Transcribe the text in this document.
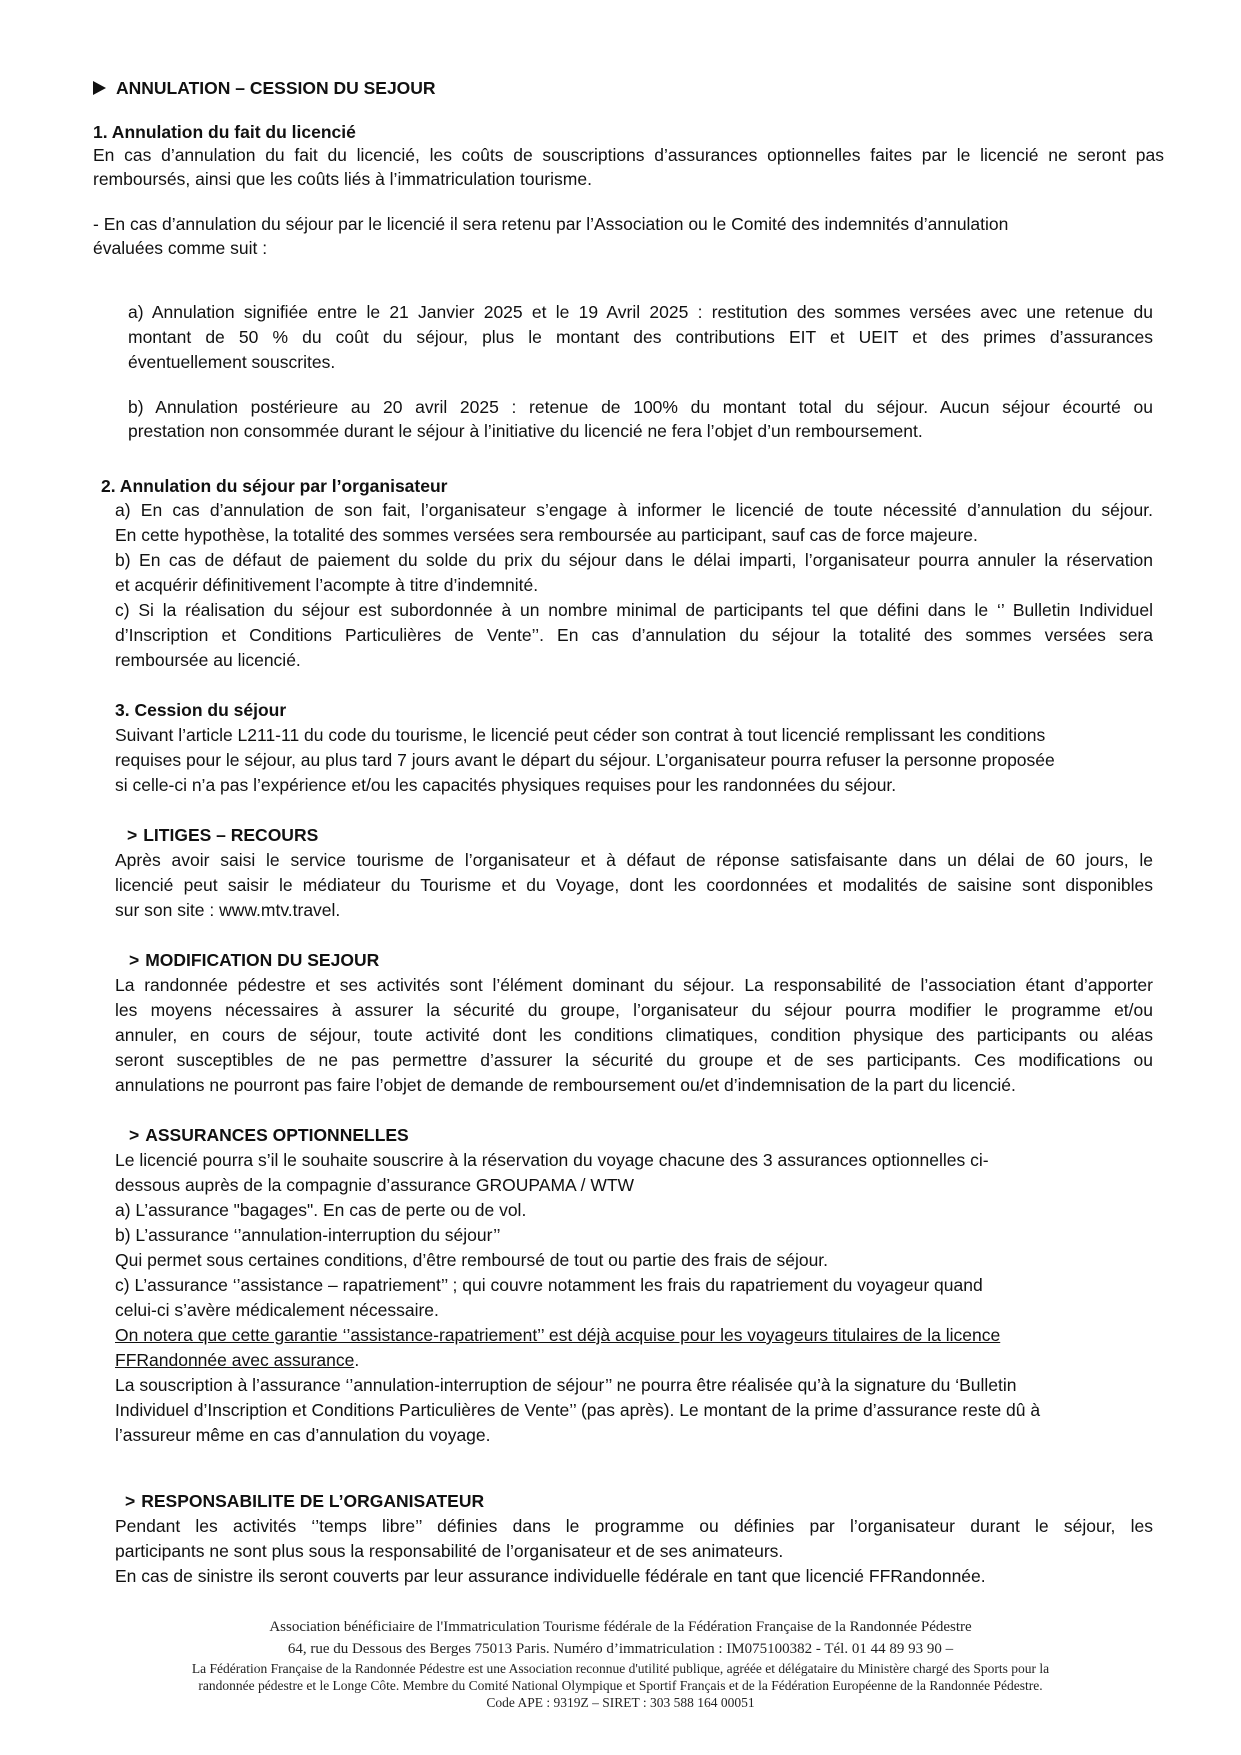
ANNULATION – CESSION DU SEJOUR
1. Annulation du fait du licencié
En cas d’annulation du fait du licencié, les coûts de souscriptions d’assurances optionnelles faites par le licencié ne seront pas
remboursés, ainsi que les coûts liés à l’immatriculation tourisme.
- En cas d’annulation du séjour par le licencié il sera retenu par l’Association ou le Comité des indemnités d’annulation
évaluées comme suit :
a) Annulation signifiée entre le 21 Janvier 2025 et le 19 Avril 2025 : restitution des sommes versées avec une retenue du
montant de 50 % du coût du séjour, plus le montant des contributions EIT et UEIT et des primes d’assurances
éventuellement souscrites.
b) Annulation postérieure au 20 avril 2025 : retenue de 100% du montant total du séjour. Aucun séjour écourté ou
prestation non consommée durant le séjour à l’initiative du licencié ne fera l’objet d’un remboursement.
2. Annulation du séjour par l’organisateur
a) En cas d’annulation de son fait, l’organisateur s’engage à informer le licencié de toute nécessité d’annulation du séjour.
En cette hypothèse, la totalité des sommes versées sera remboursée au participant, sauf cas de force majeure.
b) En cas de défaut de paiement du solde du prix du séjour dans le délai imparti, l’organisateur pourra annuler la réservation
et acquérir définitivement l’acompte à titre d’indemnité.
c) Si la réalisation du séjour est subordonnée à un nombre minimal de participants tel que défini dans le ‘’ Bulletin Individuel
d’Inscription et Conditions Particulières de Vente’’. En cas d’annulation du séjour la totalité des sommes versées sera
remboursée au licencié.
3. Cession du séjour
Suivant l’article L211-11 du code du tourisme, le licencié peut céder son contrat à tout licencié remplissant les conditions
requises pour le séjour, au plus tard 7 jours avant le départ du séjour. L’organisateur pourra refuser la personne proposée
si celle-ci n’a pas l’expérience et/ou les capacités physiques requises pour les randonnées du séjour.
> LITIGES – RECOURS
Après avoir saisi le service tourisme de l’organisateur et à défaut de réponse satisfaisante dans un délai de 60 jours, le
licencié peut saisir le médiateur du Tourisme et du Voyage, dont les coordonnées et modalités de saisine sont disponibles
sur son site : www.mtv.travel.
> MODIFICATION DU SEJOUR
La randonnée pédestre et ses activités sont l’élément dominant du séjour. La responsabilité de l’association étant d’apporter
les moyens nécessaires à assurer la sécurité du groupe, l’organisateur du séjour pourra modifier le programme et/ou
annuler, en cours de séjour, toute activité dont les conditions climatiques, condition physique des participants ou aléas
seront susceptibles de ne pas permettre d’assurer la sécurité du groupe et de ses participants. Ces modifications ou
annulations ne pourront pas faire l’objet de demande de remboursement ou/et d’indemnisation de la part du licencié.
> ASSURANCES OPTIONNELLES
Le licencié pourra s’il le souhaite souscrire à la réservation du voyage chacune des 3 assurances optionnelles ci-
dessous auprès de la compagnie d’assurance GROUPAMA / WTW
a) L’assurance "bagages". En cas de perte ou de vol.
b) L’assurance ‘’annulation-interruption du séjour’’
Qui permet sous certaines conditions, d’être remboursé de tout ou partie des frais de séjour.
c) L’assurance ‘’assistance – rapatriement’’ ; qui couvre notamment les frais du rapatriement du voyageur quand
celui-ci s’avère médicalement nécessaire.
On notera que cette garantie ‘’assistance-rapatriement’’ est déjà acquise pour les voyageurs titulaires de la licence
FFRandonnée avec assurance.
La souscription à l’assurance ‘’annulation-interruption de séjour’’ ne pourra être réalisée qu’à la signature du ‘Bulletin
Individuel d’Inscription et Conditions Particulières de Vente’’ (pas après). Le montant de la prime d’assurance reste dû à
l’assureur même en cas d’annulation du voyage.
> RESPONSABILITE DE L’ORGANISATEUR
Pendant les activités ‘’temps libre’’ définies dans le programme ou définies par l’organisateur durant le séjour, les
participants ne sont plus sous la responsabilité de l’organisateur et de ses animateurs.
En cas de sinistre ils seront couverts par leur assurance individuelle fédérale en tant que licencié FFRandonnée.
Association bénéficiaire de l'Immatriculation Tourisme fédérale de la Fédération Française de la Randonnée Pédestre
64, rue du Dessous des Berges 75013 Paris. Numéro d’immatriculation : IM075100382 - Tél. 01 44 89 93 90 –
La Fédération Française de la Randonnée Pédestre est une Association reconnue d'utilité publique, agréée et délégataire du Ministère chargé des Sports pour la
randonnée pédestre et le Longe Côte. Membre du Comité National Olympique et Sportif Français et de la Fédération Européenne de la Randonnée Pédestre.
Code APE : 9319Z – SIRET : 303 588 164 00051
